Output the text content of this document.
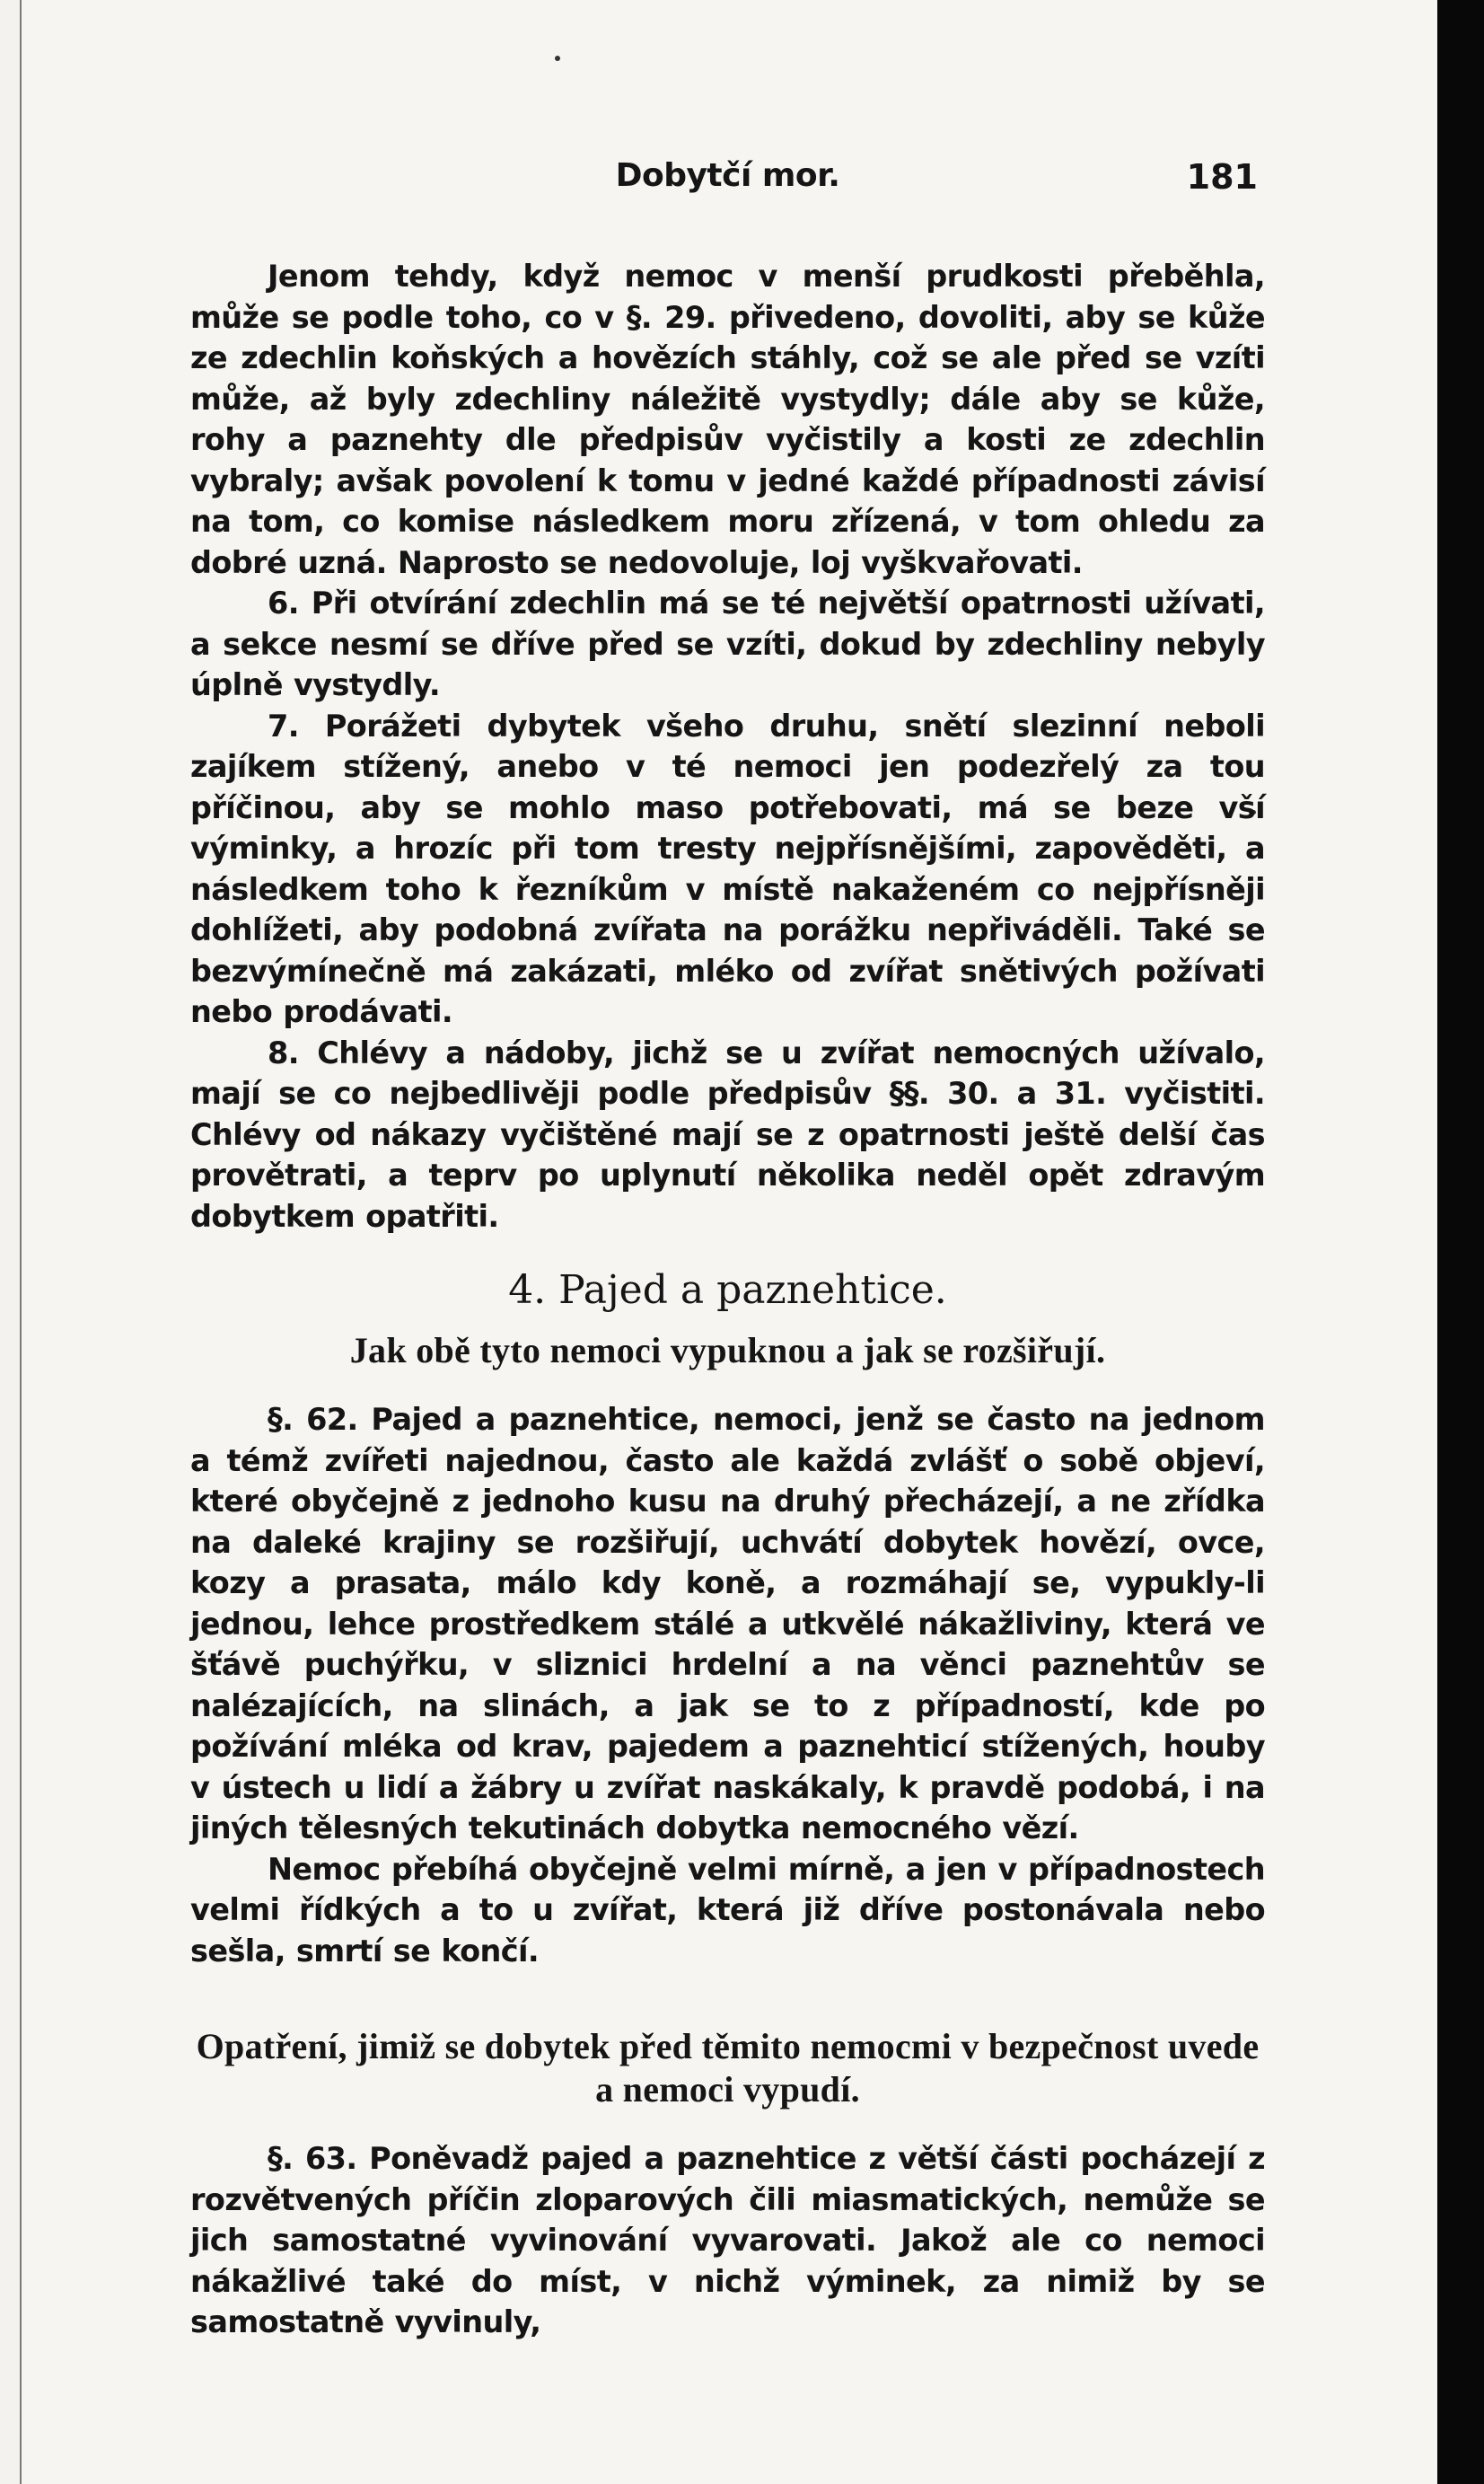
Dobytčí mor.	181

Jenom tehdy, když nemoc v menší prudkosti přeběhla, může se podle toho, co v §. 29. přivedeno, dovoliti, aby se kůže ze zdechlin koňských a hovězích stáhly, což se ale před se vzíti může, až byly zdechliny náležitě vystydly; dále aby se kůže, rohy a paznehty dle předpisův vyčistily a kosti ze zdechlin vybraly; avšak povolení k tomu v jedné každé případnosti závisí na tom, co komise následkem moru zřízená, v tom ohledu za dobré uzná. Naprosto se nedovoluje, loj vyškvařovati.

6. Při otvírání zdechlin má se té největší opatrnosti užívati, a sekce nesmí se dříve před se vzíti, dokud by zdechliny nebyly úplně vystydly.

7. Porážeti dybytek všeho druhu, snětí slezinní neboli zajíkem stížený, anebo v té nemoci jen podezřelý za tou příčinou, aby se mohlo maso potřebovati, má se beze vší výminky, a hrozíc při tom tresty nejpřísnějšími, zapověděti, a následkem toho k řezníkům v místě nakaženém co nejpřísněji dohlížeti, aby podobná zvířata na porážku nepřiváděli. Také se bezvýmínečně má zakázati, mléko od zvířat snětivých požívati nebo prodávati.

8. Chlévy a nádoby, jichž se u zvířat nemocných užívalo, mají se co nejbedlivěji podle předpisův §§. 30. a 31. vyčistiti. Chlévy od nákazy vyčištěné mají se z opatrnosti ještě delší čas provětrati, a teprv po uplynutí několika neděl opět zdravým dobytkem opatřiti.

4. Pajed a paznehtice.
Jak obě tyto nemoci vypuknou a jak se rozšiřují.

§. 62. Pajed a paznehtice, nemoci, jenž se často na jednom a témž zvířeti najednou, často ale každá zvlášť o sobě objeví, které obyčejně z jednoho kusu na druhý přecházejí, a ne zřídka na daleké krajiny se rozšiřují, uchvátí dobytek hovězí, ovce, kozy a prasata, málo kdy koně, a rozmáhají se, vypukly-li jednou, lehce prostředkem stálé a utkvělé nákažliviny, která ve šťávě puchýřku, v sliznici hrdelní a na věnci paznehtův se nalézajících, na slinách, a jak se to z případností, kde po požívání mléka od krav, pajedem a paznehticí stížených, houby v ústech u lidí a žábry u zvířat naskákaly, k pravdě podobá, i na jiných tělesných tekutinách dobytka nemocného vězí.

Nemoc přebíhá obyčejně velmi mírně, a jen v případnostech velmi řídkých a to u zvířat, která již dříve postonávala nebo sešla, smrtí se končí.

Opatření, jimiž se dobytek před těmito nemocmi v bezpečnost uvede a nemoci vypudí.

§. 63. Poněvadž pajed a paznehtice z větší části pocházejí z rozvětvených příčin zloparových čili miasmatických, nemůže se jich samostatné vyvinování vyvarovati. Jakož ale co nemoci nákažlivé také do míst, v nichž výminek, za nimiž by se samostatně vyvinuly,
